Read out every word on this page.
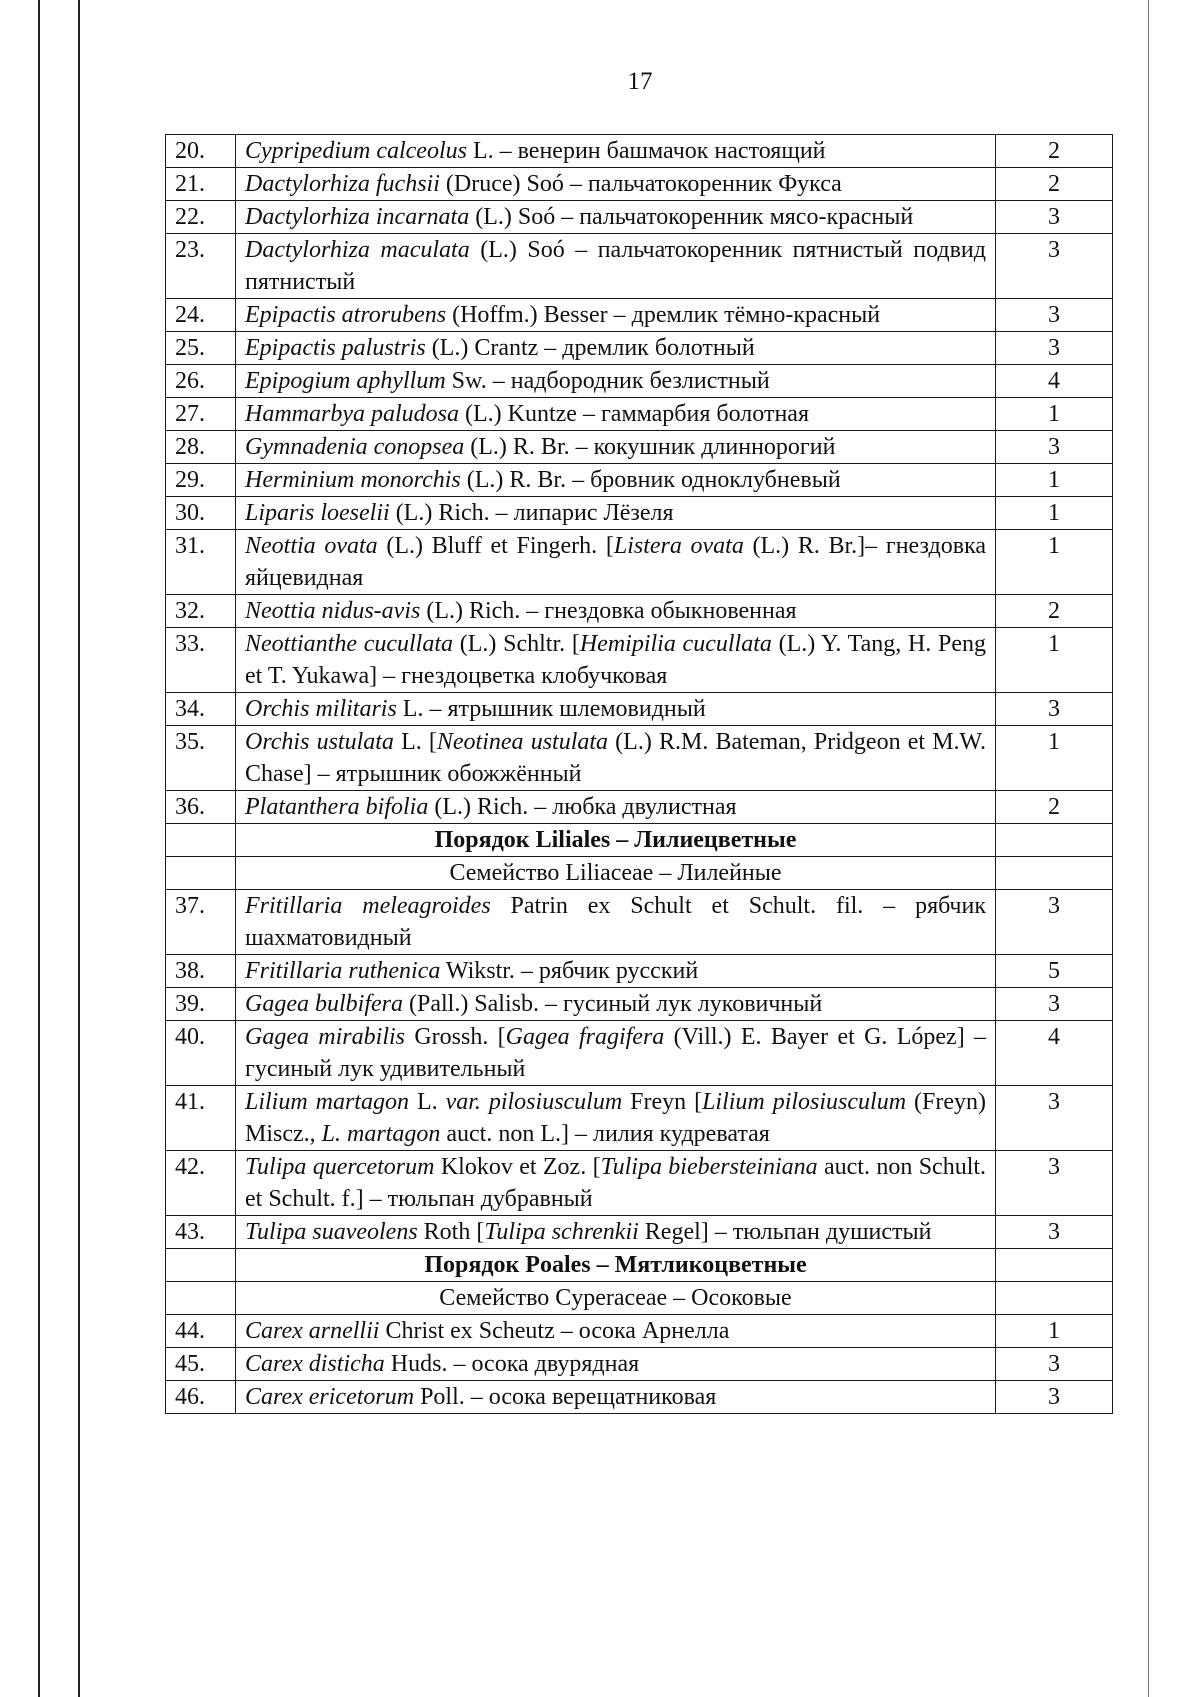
17
20.	Cypripedium calceolus L. – венерин башмачок настоящий	2
21.	Dactylorhiza fuchsii (Druce) Soó – пальчатокоренник Фукса	2
22.	Dactylorhiza incarnata (L.) Soó – пальчатокоренник мясо-красный	3
23.	Dactylorhiza maculata (L.) Soó – пальчатокоренник пятнистый подвид пятнистый	3
24.	Epipactis atrorubens (Hoffm.) Besser – дремлик тёмно-красный	3
25.	Epipactis palustris (L.) Crantz – дремлик болотный	3
26.	Epipogium aphyllum Sw. – надбородник безлистный	4
27.	Hammarbya paludosa (L.) Kuntze – гаммарбия болотная	1
28.	Gymnadenia conopsea (L.) R. Br. – кокушник длиннорогий	3
29.	Herminium monorchis (L.) R. Br. – бровник одноклубневый	1
30.	Liparis loeselii (L.) Rich. – липарис Лёзеля	1
31.	Neottia ovata (L.) Bluff et Fingerh. [Listera ovata (L.) R. Br.]– гнездовка яйцевидная	1
32.	Neottia nidus-avis (L.) Rich. – гнездовка обыкновенная	2
33.	Neottianthe cucullata (L.) Schltr. [Hemipilia cucullata (L.) Y. Tang, H. Peng et T. Yukawa] – гнездоцветка клобучковая	1
34.	Orchis militaris L. – ятрышник шлемовидный	3
35.	Orchis ustulata L. [Neotinea ustulata (L.) R.M. Bateman, Pridgeon et M.W. Chase] – ятрышник обожжённый	1
36.	Platanthera bifolia (L.) Rich. – любка двулистная	2
	Порядок Liliales – Лилиецветные	
	Семейство Liliaceae – Лилейные	
37.	Fritillaria meleagroides Patrin ex Schult et Schult. fil. – рябчик шахматовидный	3
38.	Fritillaria ruthenica Wikstr. – рябчик русский	5
39.	Gagea bulbifera (Pall.) Salisb. – гусиный лук луковичный	3
40.	Gagea mirabilis Grossh. [Gagea fragifera (Vill.) E. Bayer et G. López] – гусиный лук удивительный	4
41.	Lilium martagon L. var. pilosiusculum Freyn [Lilium pilosiusculum (Freyn) Miscz., L. martagon auct. non L.] – лилия кудреватая	3
42.	Tulipa quercetorum Klokov et Zoz. [Tulipa biebersteiniana auct. non Schult. et Schult. f.] – тюльпан дубравный	3
43.	Tulipa suaveolens Roth [Tulipa schrenkii Regel] – тюльпан душистый	3
	Порядок Poales – Мятликоцветные	
	Семейство Cyperaceae – Осоковые	
44.	Carex arnellii Christ ex Scheutz – осока Арнелла	1
45.	Carex disticha Huds. – осока двурядная	3
46.	Carex ericetorum Poll. – осока верещатниковая	3
